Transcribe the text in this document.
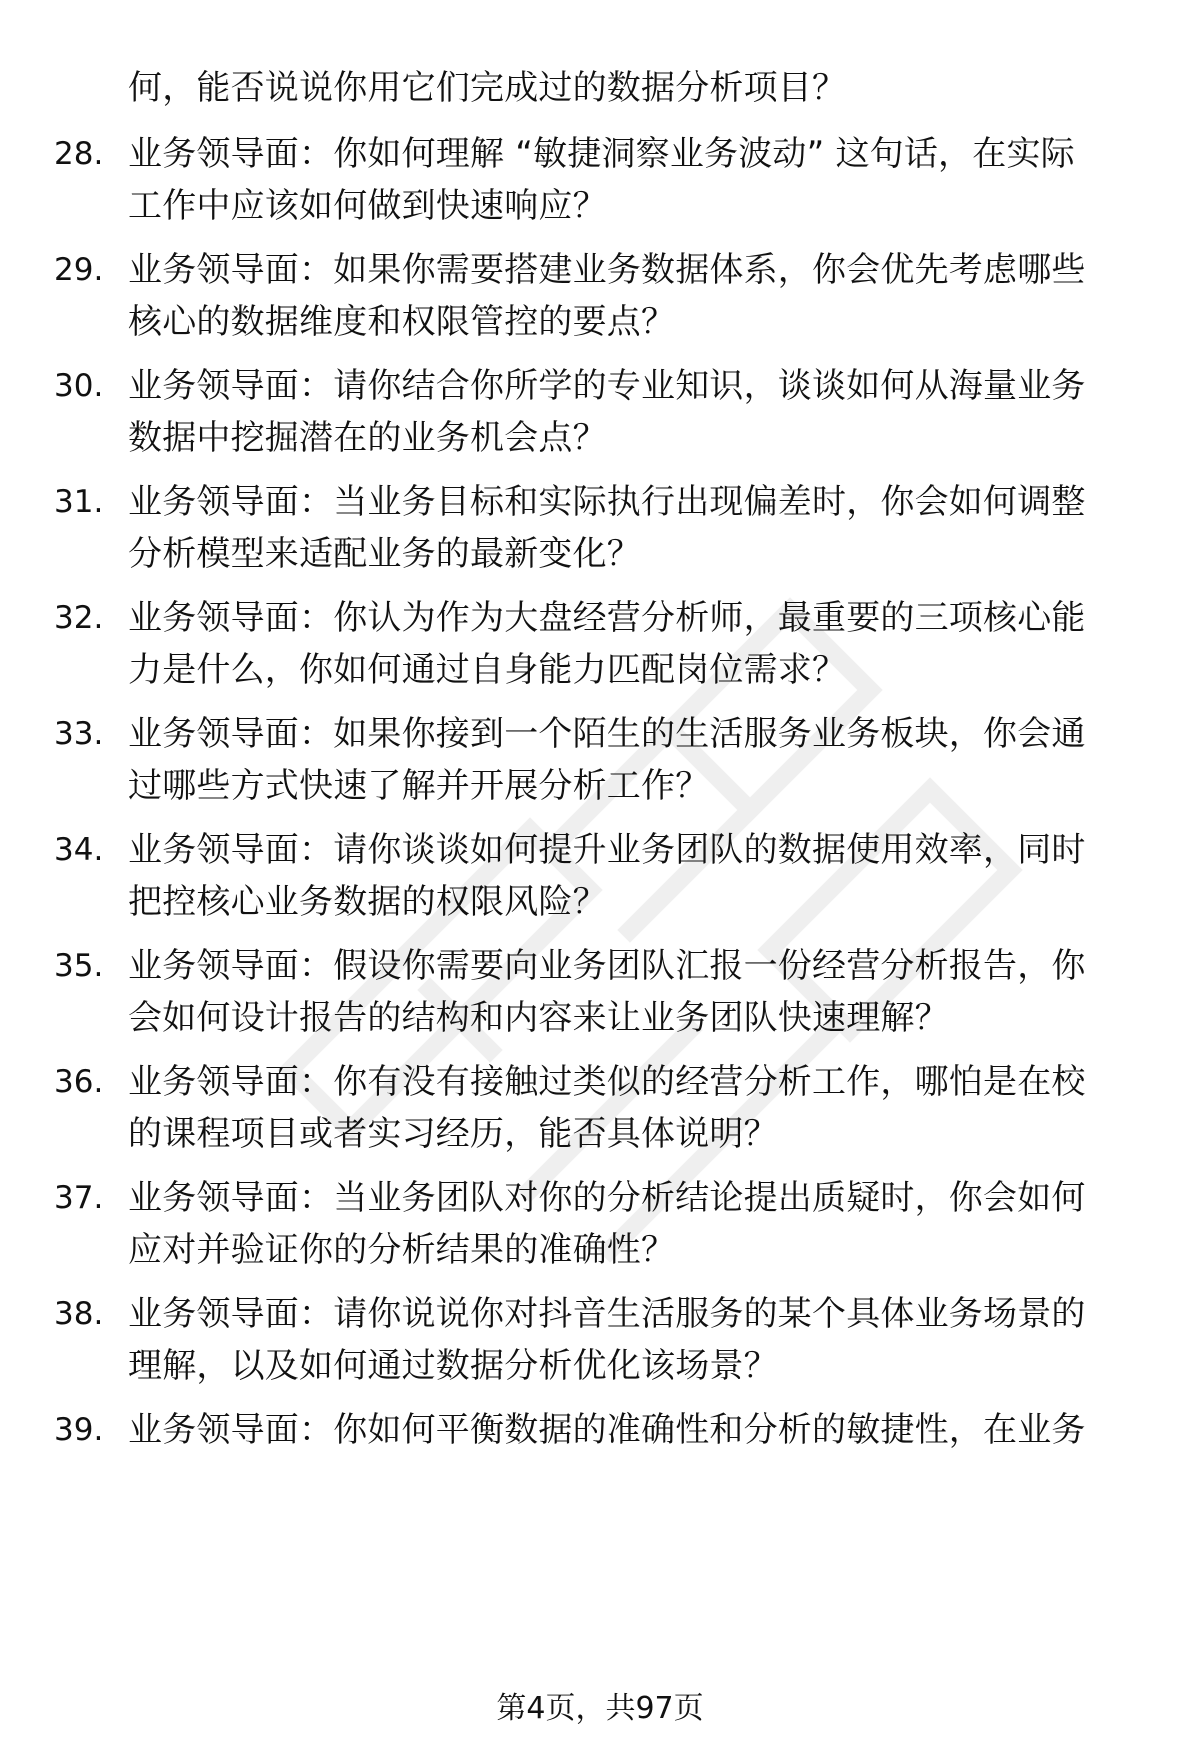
何，能否说说你用它们完成过的数据分析项目？
28. 业务领导面：你如何理解 “敏捷洞察业务波动” 这句话，在实际
工作中应该如何做到快速响应？
29. 业务领导面：如果你需要搭建业务数据体系，你会优先考虑哪些
核心的数据维度和权限管控的要点？
30. 业务领导面：请你结合你所学的专业知识，谈谈如何从海量业务
数据中挖掘潜在的业务机会点？
31. 业务领导面：当业务目标和实际执行出现偏差时，你会如何调整
分析模型来适配业务的最新变化？
32. 业务领导面：你认为作为大盘经营分析师，最重要的三项核心能
力是什么，你如何通过自身能力匹配岗位需求？
33. 业务领导面：如果你接到一个陌生的生活服务业务板块，你会通
过哪些方式快速了解并开展分析工作？
34. 业务领导面：请你谈谈如何提升业务团队的数据使用效率，同时
把控核心业务数据的权限风险？
35. 业务领导面：假设你需要向业务团队汇报一份经营分析报告，你
会如何设计报告的结构和内容来让业务团队快速理解？
36. 业务领导面：你有没有接触过类似的经营分析工作，哪怕是在校
的课程项目或者实习经历，能否具体说明？
37. 业务领导面：当业务团队对你的分析结论提出质疑时，你会如何
应对并验证你的分析结果的准确性？
38. 业务领导面：请你说说你对抖音生活服务的某个具体业务场景的
理解，以及如何通过数据分析优化该场景？
39. 业务领导面：你如何平衡数据的准确性和分析的敏捷性，在业务
第4页，共97页
